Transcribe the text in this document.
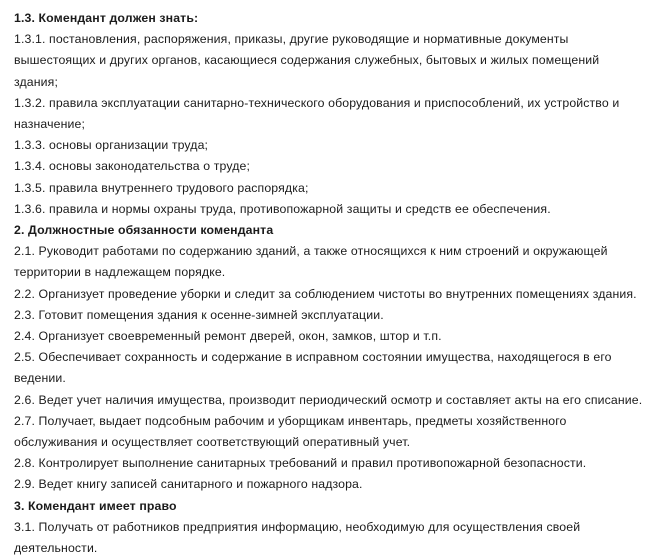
1.3. Комендант должен знать:

1.3.1. постановления, распоряжения, приказы, другие руководящие и нормативные документы вышестоящих и других органов, касающиеся содержания служебных, бытовых и жилых помещений здания;

1.3.2. правила эксплуатации санитарно-технического оборудования и приспособлений, их устройство и назначение;

1.3.3. основы организации труда;

1.3.4. основы законодательства о труде;

1.3.5. правила внутреннего трудового распорядка;

1.3.6. правила и нормы охраны труда, противопожарной защиты и средств ее обеспечения.

2. Должностные обязанности коменданта

2.1. Руководит работами по содержанию зданий, а также относящихся к ним строений и окружающей территории в надлежащем порядке.

2.2. Организует проведение уборки и следит за соблюдением чистоты во внутренних помещениях здания.

2.3. Готовит помещения здания к осенне-зимней эксплуатации.

2.4. Организует своевременный ремонт дверей, окон, замков, штор и т.п.

2.5. Обеспечивает сохранность и содержание в исправном состоянии имущества, находящегося в его ведении.

2.6. Ведет учет наличия имущества, производит периодический осмотр и составляет акты на его списание.

2.7. Получает, выдает подсобным рабочим и уборщикам инвентарь, предметы хозяйственного обслуживания и осуществляет соответствующий оперативный учет.

2.8. Контролирует выполнение санитарных требований и правил противопожарной безопасности.

2.9. Ведет книгу записей санитарного и пожарного надзора.

3. Комендант имеет право

3.1. Получать от работников предприятия информацию, необходимую для осуществления своей деятельности.
